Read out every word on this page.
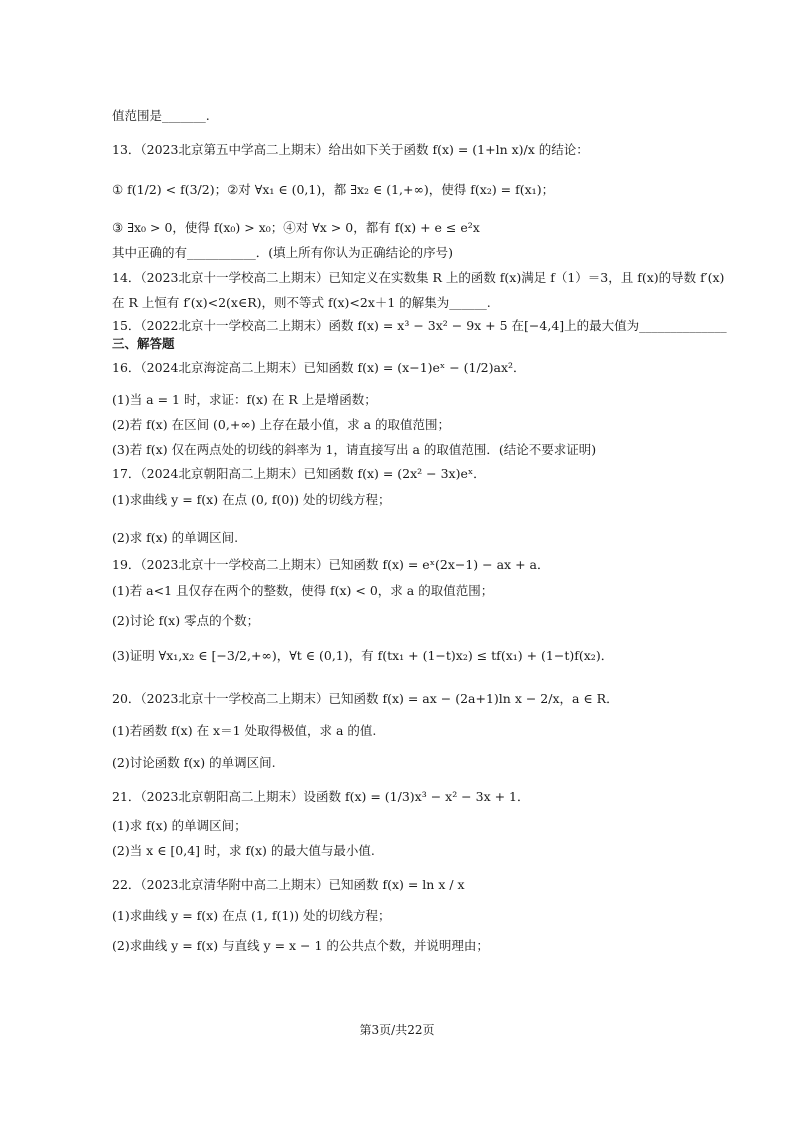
值范围是_______.
13．（2023北京第五中学高二上期末）给出如下关于函数 f(x) = (1+ln x)/x 的结论：
① f(1/2) < f(3/2)；②对 ∀x₁ ∈ (0,1)，都 ∃x₂ ∈ (1,+∞)，使得 f(x₂) = f(x₁)；
③ ∃x₀ > 0，使得 f(x₀) > x₀；④对 ∀x > 0，都有 f(x) + e ≤ e²x
其中正确的有___________．(填上所有你认为正确结论的序号)
14．（2023北京十一学校高二上期末）已知定义在实数集 R 上的函数 f(x)满足 f（1）＝3，且 f(x)的导数 f′(x)
在 R 上恒有 f′(x)<2(x∈R)，则不等式 f(x)<2x＋1 的解集为______.
15．（2022北京十一学校高二上期末）函数 f(x) = x³ − 3x² − 9x + 5 在[−4,4]上的最大值为______________
三、解答题
16．（2024北京海淀高二上期末）已知函数 f(x) = (x−1)eˣ − (1/2)ax²．
(1)当 a = 1 时，求证：f(x) 在 R 上是增函数；
(2)若 f(x) 在区间 (0,+∞) 上存在最小值，求 a 的取值范围；
(3)若 f(x) 仅在两点处的切线的斜率为 1，请直接写出 a 的取值范围．(结论不要求证明)
17．（2024北京朝阳高二上期末）已知函数 f(x) = (2x² − 3x)eˣ．
(1)求曲线 y = f(x) 在点 (0, f(0)) 处的切线方程；
(2)求 f(x) 的单调区间.
19．（2023北京十一学校高二上期末）已知函数 f(x) = eˣ(2x−1) − ax + a．
(1)若 a<1 且仅存在两个的整数，使得 f(x) < 0，求 a 的取值范围；
(2)讨论 f(x) 零点的个数；
(3)证明 ∀x₁,x₂ ∈ [−3/2,+∞)，∀t ∈ (0,1)，有 f(tx₁ + (1−t)x₂) ≤ tf(x₁) + (1−t)f(x₂)．
20．（2023北京十一学校高二上期末）已知函数 f(x) = ax − (2a+1)ln x − 2/x，a ∈ R．
(1)若函数 f(x) 在 x＝1 处取得极值，求 a 的值.
(2)讨论函数 f(x) 的单调区间.
21．（2023北京朝阳高二上期末）设函数 f(x) = (1/3)x³ − x² − 3x + 1．
(1)求 f(x) 的单调区间；
(2)当 x ∈ [0,4] 时，求 f(x) 的最大值与最小值.
22．（2023北京清华附中高二上期末）已知函数 f(x) = ln x / x
(1)求曲线 y = f(x) 在点 (1, f(1)) 处的切线方程；
(2)求曲线 y = f(x) 与直线 y = x − 1 的公共点个数，并说明理由；
第3页/共22页
